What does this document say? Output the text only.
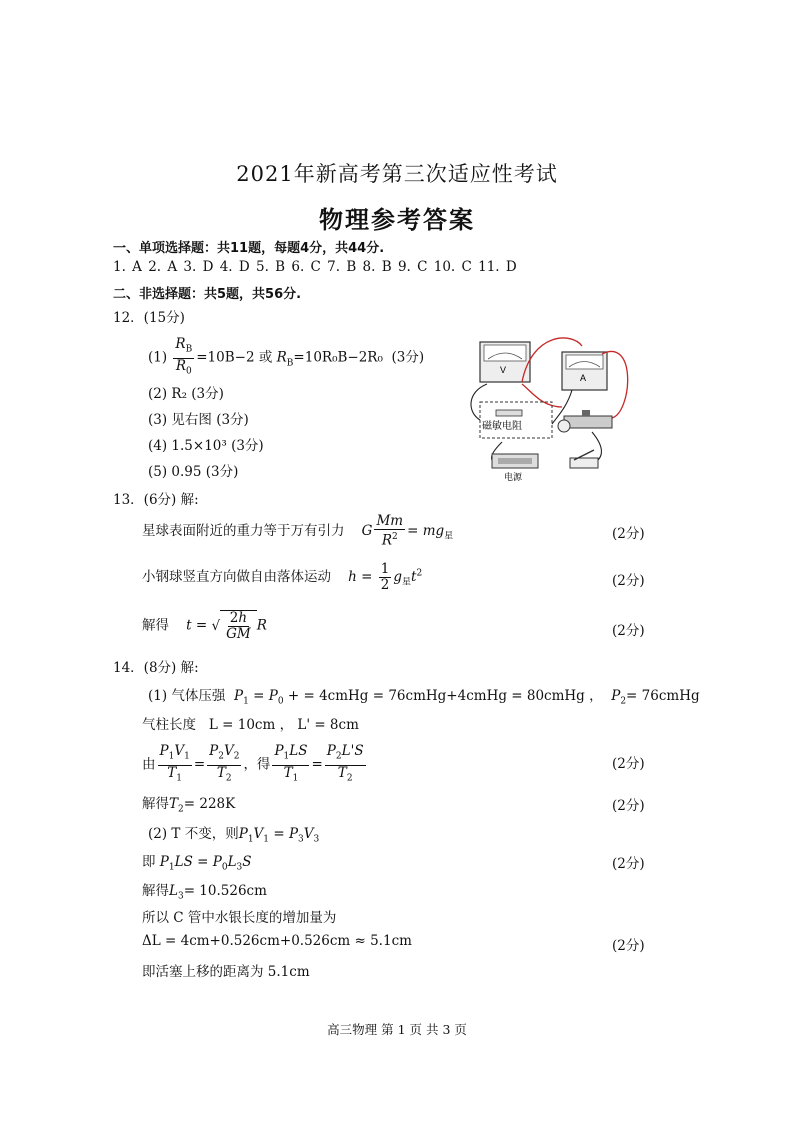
2021年新高考第三次适应性考试
物理参考答案
一、单项选择题：共11题，每题4分，共44分.
1. A 2. A 3. D 4. D 5. B 6. C 7. B 8. B 9. C 10. C 11. D
二、非选择题：共5题，共56分.
12．(15分)
$(1) \frac{R_B}{R_0} =10B-2$ 或 $R_B=10R_0B-2R_0$ (3分)
(2) R₂ (3分)
(3) 见右图 (3分)
(4) 1.5×10³ (3分)
(5) 0.95 (3分)
V
A
磁敏电阻
电源
13．(6分) 解:
星球表面附近的重力等于万有引力 G $\frac{Mm}{R^2} = mg_星$	(2分)
小钢球竖直方向做自由落体运动 $h = \frac{1}{2} g_星t^2$	(2分)
解得 t = √ $\frac{2h}{GM}$ R	(2分)
14．(8分) 解:
(1) 气体压强 $P_1 = P_0$ + = 4cmHg = 76cmHg+4cmHg = 80cmHg ， $P_2=$ 76cmHg
气柱长度 L = 10cm ， L' = 8cm
由 $\frac{P_1V_1}{T_1} = \frac{P_2V_2}{T_2}$ ，得 $\frac{P_1LS}{T_1} = \frac{P_2L'S}{T_2}$	(2分)
解得$T_2= 228K$	(2分)
(2) T 不变，则$P_1V_1 = P_3V_3$
即 $P_1LS = P_0L_3S$	(2分)
解得$L_3= 10.526cm$
所以 C 管中水银长度的增加量为
ΔL = 4cm+0.526cm+0.526cm ≈ 5.1cm	(2分)
即活塞上移的距离为 5.1cm
高三物理 第 1 页 共 3 页
